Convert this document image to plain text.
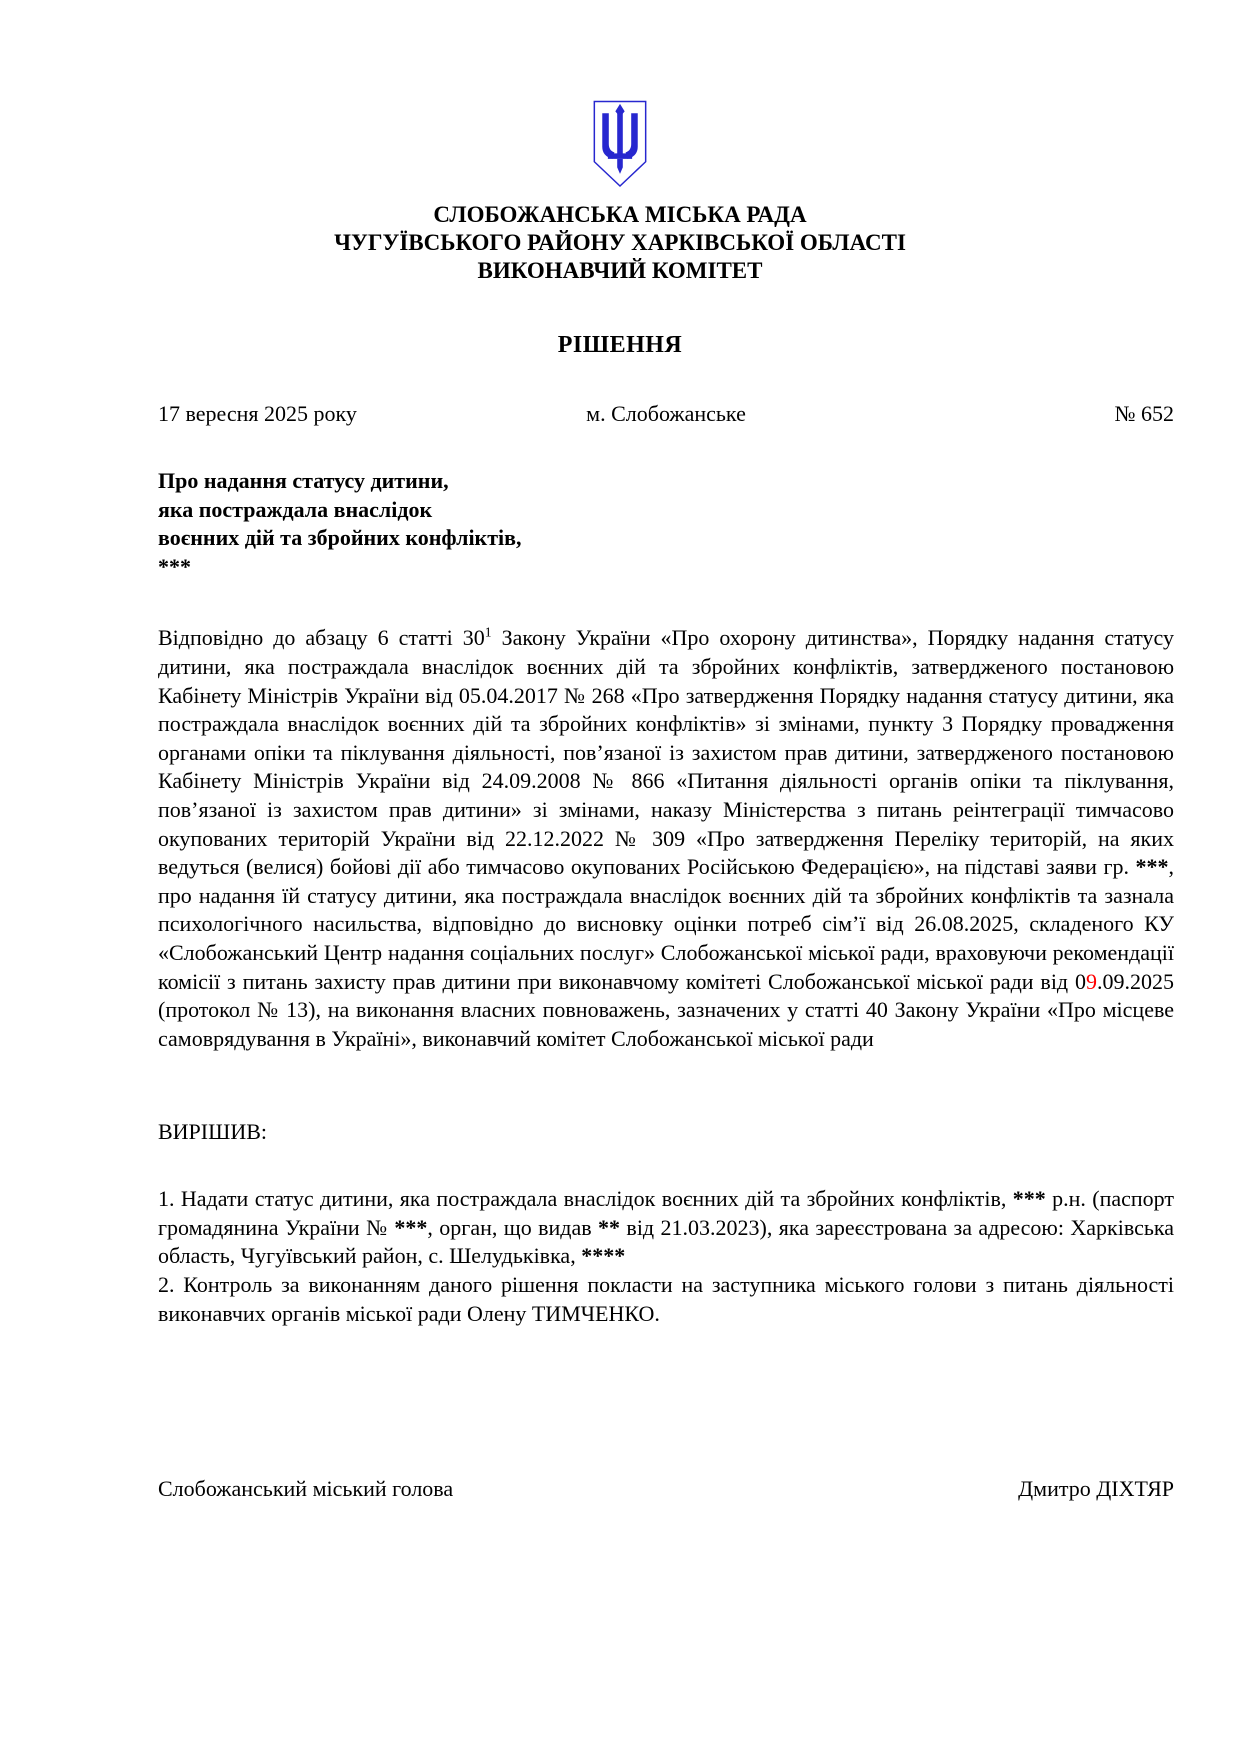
СЛОБОЖАНСЬКА МІСЬКА РАДА
ЧУГУЇВСЬКОГО РАЙОНУ ХАРКІВСЬКОЇ ОБЛАСТІ
ВИКОНАВЧИЙ КОМІТЕТ
РІШЕННЯ
17 вересня 2025 року	м. Слобожанське	№ 652
Про надання статусу дитини,
яка постраждала внаслідок
воєнних дій та збройних конфліктів,
***

Відповідно до абзацу 6 статті $30^1$ Закону України «Про охорону дитинства», Порядку надання статусу дитини, яка постраждала внаслідок воєнних дій та збройних конфліктів, затвердженого постановою Кабінету Міністрів України від 05.04.2017 № 268 «Про затвердження Порядку надання статусу дитини, яка постраждала внаслідок воєнних дій та збройних конфліктів» зі змінами, пункту 3 Порядку провадження органами опіки та піклування діяльності, пов’язаної із захистом прав дитини, затвердженого постановою Кабінету Міністрів України від 24.09.2008 № 866 «Питання діяльності органів опіки та піклування, пов’язаної із захистом прав дитини» зі змінами, наказу Міністерства з питань реінтеграції тимчасово окупованих територій України від 22.12.2022 № 309 «Про затвердження Переліку територій, на яких ведуться (велися) бойові дії або тимчасово окупованих Російською Федерацією», на підставі заяви гр. ***, про надання їй статусу дитини, яка постраждала внаслідок воєнних дій та збройних конфліктів та зазнала психологічного насильства, відповідно до висновку оцінки потреб сім’ї від 26.08.2025, складеного КУ «Слобожанський Центр надання соціальних послуг» Слобожанської міської ради, враховуючи рекомендації комісії з питань захисту прав дитини при виконавчому комітеті Слобожанської міської ради від 09.09.2025 (протокол № 13), на виконання власних повноважень, зазначених у статті 40 Закону України «Про місцеве самоврядування в Україні», виконавчий комітет Слобожанської міської ради

ВИРІШИВ:

1. Надати статус дитини, яка постраждала внаслідок воєнних дій та збройних конфліктів, *** р.н. (паспорт громадянина України № ***, орган, що видав ** від 21.03.2023), яка зареєстрована за адресою: Харківська область, Чугуївський район, с. Шелудьківка, ****

2. Контроль за виконанням даного рішення покласти на заступника міського голови з питань діяльності виконавчих органів міської ради Олену ТИМЧЕНКО.

Слобожанський міський голова	Дмитро ДІХТЯР
